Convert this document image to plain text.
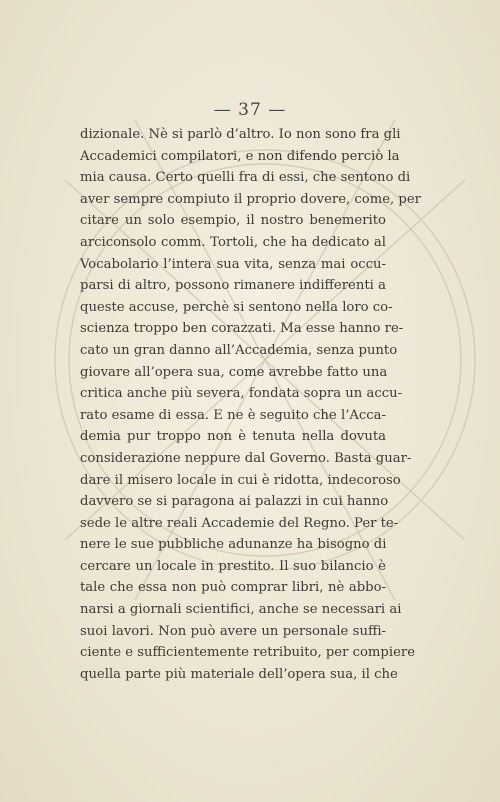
— 37 —
dizionale. Nè si parlò d’altro. Io non sono fra gli
Accademici compilatori, e non difendo perciò la
mia causa. Certo quelli fra di essi, che sentono di
aver sempre compiuto il proprio dovere, come, per
citare un solo esempio, il nostro benemerito
arciconsolo comm. Tortoli, che ha dedicato al
Vocabolario l’intera sua vita, senza mai occu-
parsi di altro, possono rimanere indifferenti a
queste accuse, perchè si sentono nella loro co-
scienza troppo ben corazzati. Ma esse hanno re-
cato un gran danno all’Accademia, senza punto
giovare all’opera sua, come avrebbe fatto una
critica anche più severa, fondata sopra un accu-
rato esame di essa. E ne è seguito che l’Acca-
demia pur troppo non è tenuta nella dovuta
considerazione neppure dal Governo. Basta guar-
dare il misero locale in cui è ridotta, indecoroso
davvero se si paragona ai palazzi in cui hanno
sede le altre reali Accademie del Regno. Per te-
nere le sue pubbliche adunanze ha bisogno di
cercare un locale in prestito. Il suo bilancio è
tale che essa non può comprar libri, nè abbo-
narsi a giornali scientifici, anche se necessari ai
suoi lavori. Non può avere un personale suffi-
ciente e sufficientemente retribuito, per compiere
quella parte più materiale dell’opera sua, il che
